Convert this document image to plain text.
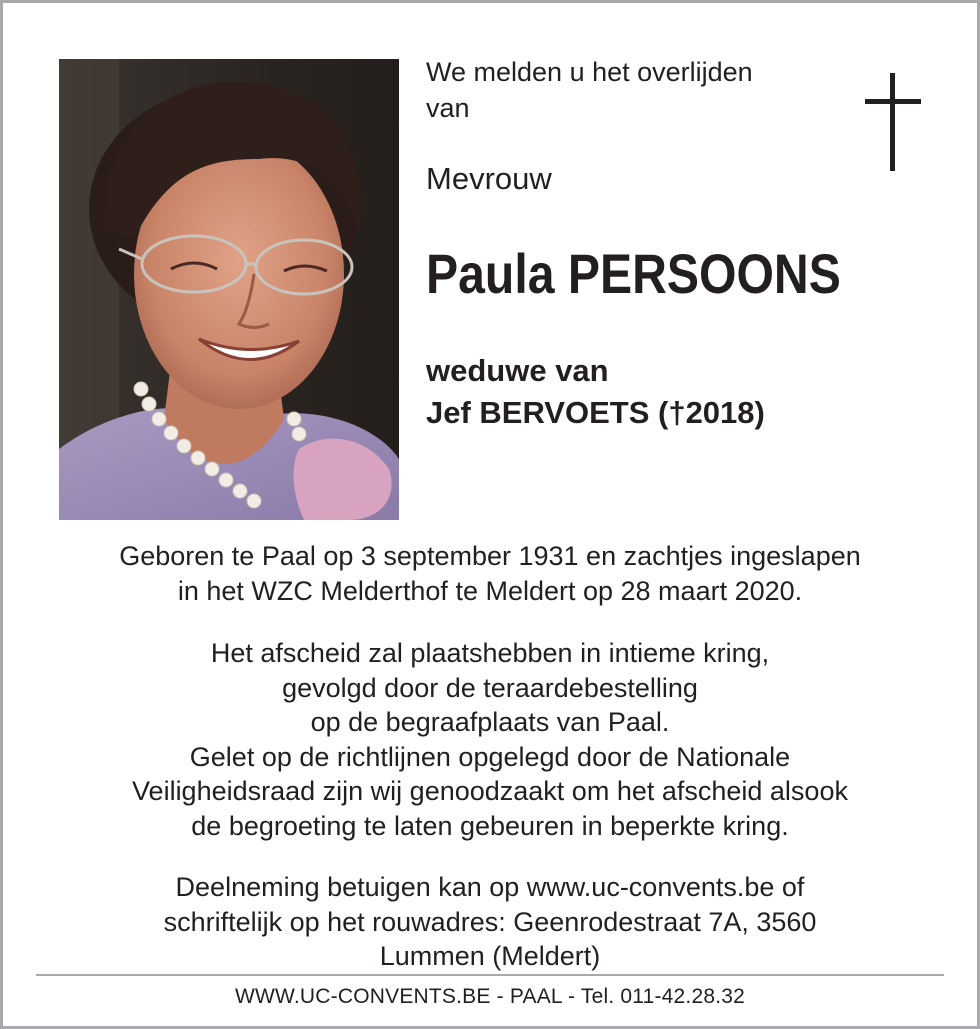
We melden u het overlijden
van
Mevrouw
Paula PERSOONS
weduwe van
Jef BERVOETS (†2018)
Geboren te Paal op 3 september 1931 en zachtjes ingeslapen
in het WZC Melderthof te Meldert op 28 maart 2020.
Het afscheid zal plaatshebben in intieme kring,
gevolgd door de teraardebestelling
op de begraafplaats van Paal.
Gelet op de richtlijnen opgelegd door de Nationale
Veiligheidsraad zijn wij genoodzaakt om het afscheid alsook
de begroeting te laten gebeuren in beperkte kring.
Deelneming betuigen kan op www.uc-convents.be of
schriftelijk op het rouwadres: Geenrodestraat 7A, 3560
Lummen (Meldert)
WWW.UC-CONVENTS.BE - PAAL - Tel. 011-42.28.32
